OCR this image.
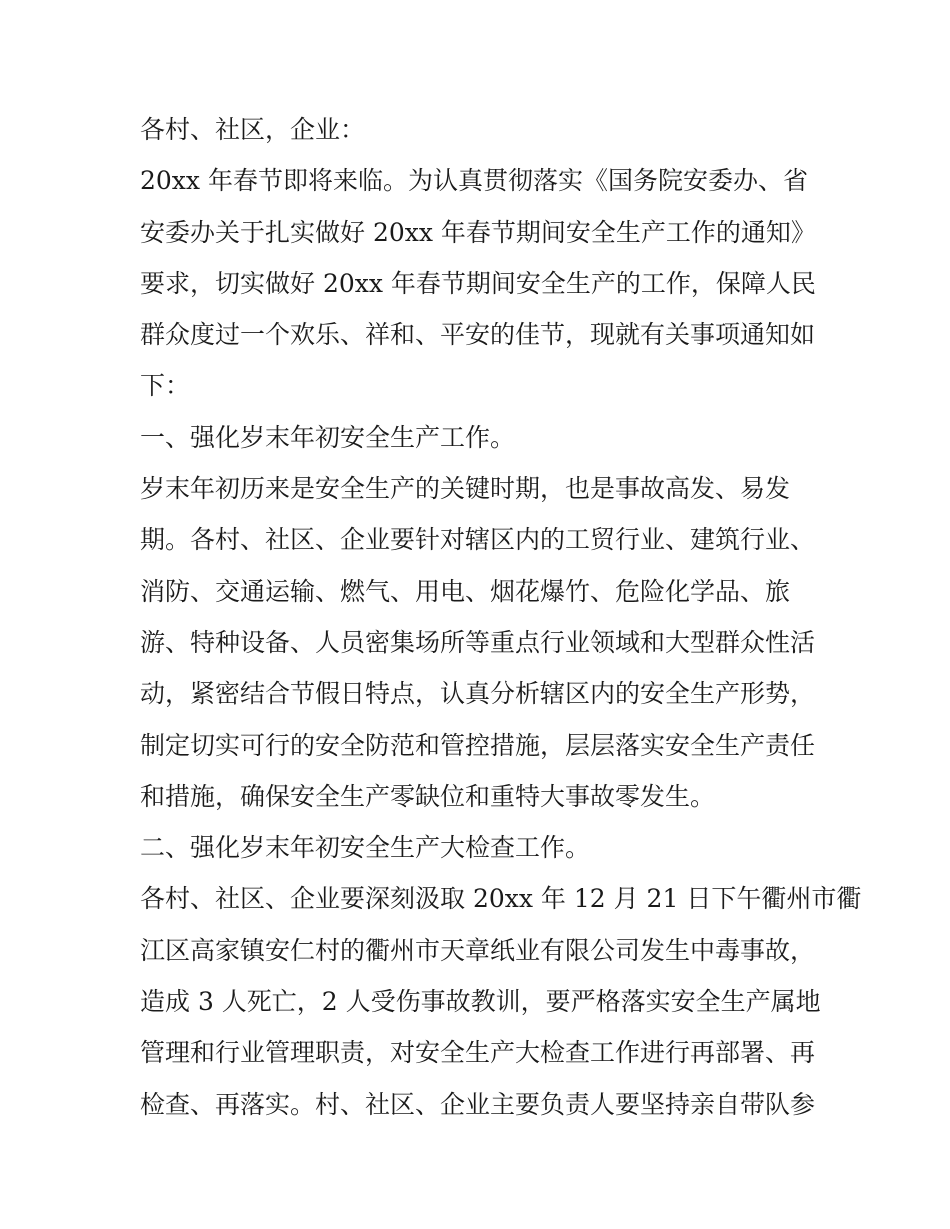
各村、社区，企业：
20xx 年春节即将来临。为认真贯彻落实《国务院安委办、省
安委办关于扎实做好 20xx 年春节期间安全生产工作的通知》
要求，切实做好 20xx 年春节期间安全生产的工作，保障人民
群众度过一个欢乐、祥和、平安的佳节，现就有关事项通知如
下：
一、强化岁末年初安全生产工作。
岁末年初历来是安全生产的关键时期，也是事故高发、易发
期。各村、社区、企业要针对辖区内的工贸行业、建筑行业、
消防、交通运输、燃气、用电、烟花爆竹、危险化学品、旅
游、特种设备、人员密集场所等重点行业领域和大型群众性活
动，紧密结合节假日特点，认真分析辖区内的安全生产形势，
制定切实可行的安全防范和管控措施，层层落实安全生产责任
和措施，确保安全生产零缺位和重特大事故零发生。
二、强化岁末年初安全生产大检查工作。
各村、社区、企业要深刻汲取 20xx 年 12 月 21 日下午衢州市衢
江区高家镇安仁村的衢州市天章纸业有限公司发生中毒事故，
造成 3 人死亡，2 人受伤事故教训，要严格落实安全生产属地
管理和行业管理职责，对安全生产大检查工作进行再部署、再
检查、再落实。村、社区、企业主要负责人要坚持亲自带队参
